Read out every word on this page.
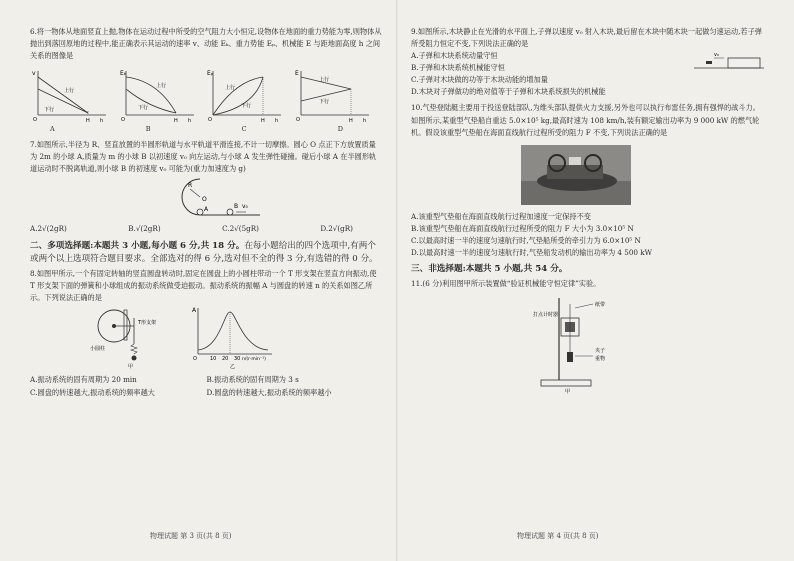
6.将一物体从地面竖直上抛,物体在运动过程中所受的空气阻力大小恒定,设物体在地面的重力势能为零,则物体从抛出到落回原地的过程中,能正确表示其运动的速率 v、动能 Eₖ、重力势能 Eₚ、机械能 E 与距地面高度 h 之间关系的图像是

v
O	H h
上行
下行
Eₖ
O	H h
上行
下行
Eₚ
O	H h
上行
下行
E
O	H h
上行
下行
A	B	C	D

7.如图所示,半径为 R、竖直放置的半圆形轨道与水平轨道平滑连接,不计一切摩擦。圆心 O 点正下方放置质量为 2m 的小球 A,质量为 m 的小球 B 以初速度 v₀ 向左运动,与小球 A 发生弹性碰撞。碰后小球 A 在半圆形轨道运动时不脱离轨道,则小球 B 的初速度 v₀ 可能为(重力加速度为 g)

R
O
A	B v₀
A.2√(2gR)	B.√(2gR)	C.2√(5gR)	D.2√(gR)
二、多项选择题:本题共 3 小题,每小题 6 分,共 18 分。在每小题给出的四个选项中,有两个或两个以上选项符合题目要求。全部选对的得 6 分,选对但不全的得 3 分,有选错的得 0 分。

8.如图甲所示,一个有固定转轴的竖直圆盘转动时,固定在圆盘上的小圆柱带动一个 T 形支架在竖直方向振动,使 T 形支架下面的弹簧和小球组成的振动系统做受迫振动。振动系统的振幅 A 与圆盘的转速 n 的关系如图乙所示。下列说法正确的是

小圆柱
T形支架
甲
A
O	10 20 30 n/(r·min⁻¹)
乙
A.振动系统的固有周期为 20 min	B.振动系统的固有周期为 3 s
C.圆盘的转速越大,振动系统的频率越大	D.圆盘的转速越大,振动系统的频率越小
物理试题 第 3 页(共 8 页)

9.如图所示,木块静止在光滑的水平面上,子弹以速度 v₀ 射入木块,最后留在木块中随木块一起做匀速运动,若子弹所受阻力恒定不变,下列说法正确的是

A.子弹和木块系统动量守恒
B.子弹和木块系统机械能守恒
C.子弹对木块做的功等于木块动能的增加量
D.木块对子弹做功的绝对值等于子弹和木块系统损失的机械能
v₀

10.气垫登陆艇主要用于投送登陆部队,为维头部队提供火力支援,另外也可以执行布雷任务,拥有强悍的战斗力。如图所示,某重型气垫船自重达 5.0×10⁵ kg,最高时速为 108 km/h,装有额定输出功率为 9 000 kW 的燃气轮机。假设该重型气垫船在海面直线航行过程所受的阻力 F 不变,下列说法正确的是

A.该重型气垫船在海面直线航行过程加速度一定保持不变
B.该重型气垫船在海面直线航行过程所受的阻力 F 大小为 3.0×10⁵ N
C.以最高时速一半的速度匀速航行时,气垫船所受的牵引力为 6.0×10⁵ N
D.以最高时速一半的速度匀速航行时,气垫船发动机的输出功率为 4 500 kW
三、非选择题:本题共 5 小题,共 54 分。

11.(6 分)利用图甲所示装置做“验证机械能守恒定律”实验。

打点计时器
纸带
夹子
重物
甲
物理试题 第 4 页(共 8 页)
